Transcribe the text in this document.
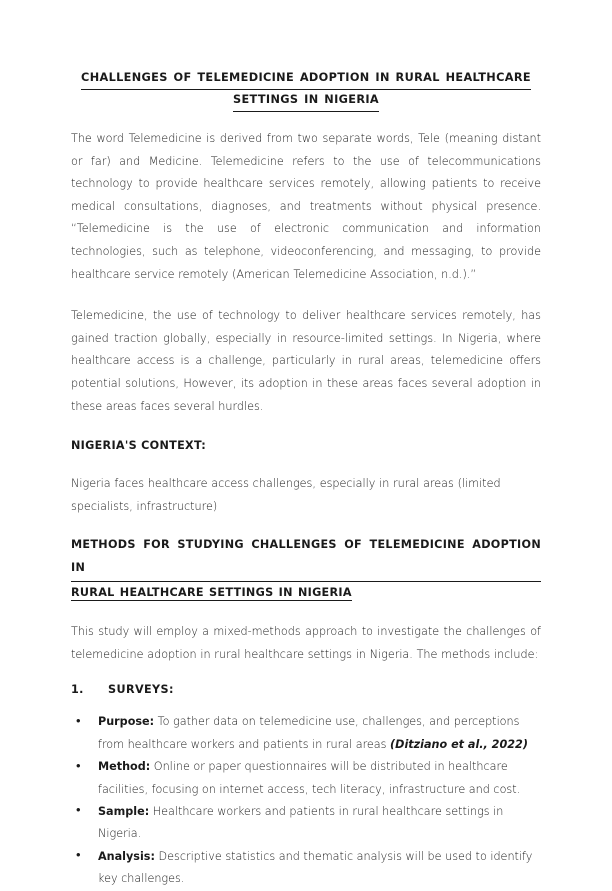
CHALLENGES OF TELEMEDICINE ADOPTION IN RURAL HEALTHCARE
SETTINGS IN NIGERIA

The word Telemedicine is derived from two separate words, Tele (meaning distant or far) and Medicine. Telemedicine refers to the use of telecommunications technology to provide healthcare services remotely, allowing patients to receive medical consultations, diagnoses, and treatments without physical presence. “Telemedicine is the use of electronic communication and information technologies, such as telephone, videoconferencing, and messaging, to provide healthcare service remotely (American Telemedicine Association, n.d.).”

Telemedicine, the use of technology to deliver healthcare services remotely, has gained traction globally, especially in resource-limited settings. In Nigeria, where healthcare access is a challenge, particularly in rural areas, telemedicine offers potential solutions, However, its adoption in these areas faces several adoption in these areas faces several hurdles.

NIGERIA'S CONTEXT:

Nigeria faces healthcare access challenges, especially in rural areas (limited specialists, infrastructure)

METHODS FOR STUDYING CHALLENGES OF TELEMEDICINE ADOPTION INRURAL HEALTHCARE SETTINGS IN NIGERIA

This study will employ a mixed-methods approach to investigate the challenges of telemedicine adoption in rural healthcare settings in Nigeria. The methods include:

1. SURVEYS:

• Purpose: To gather data on telemedicine use, challenges, and perceptions from healthcare workers and patients in rural areas (Ditziano et al., 2022)
• Method: Online or paper questionnaires will be distributed in healthcare facilities, focusing on internet access, tech literacy, infrastructure and cost.
• Sample: Healthcare workers and patients in rural healthcare settings in Nigeria.
• Analysis: Descriptive statistics and thematic analysis will be used to identify key challenges.
